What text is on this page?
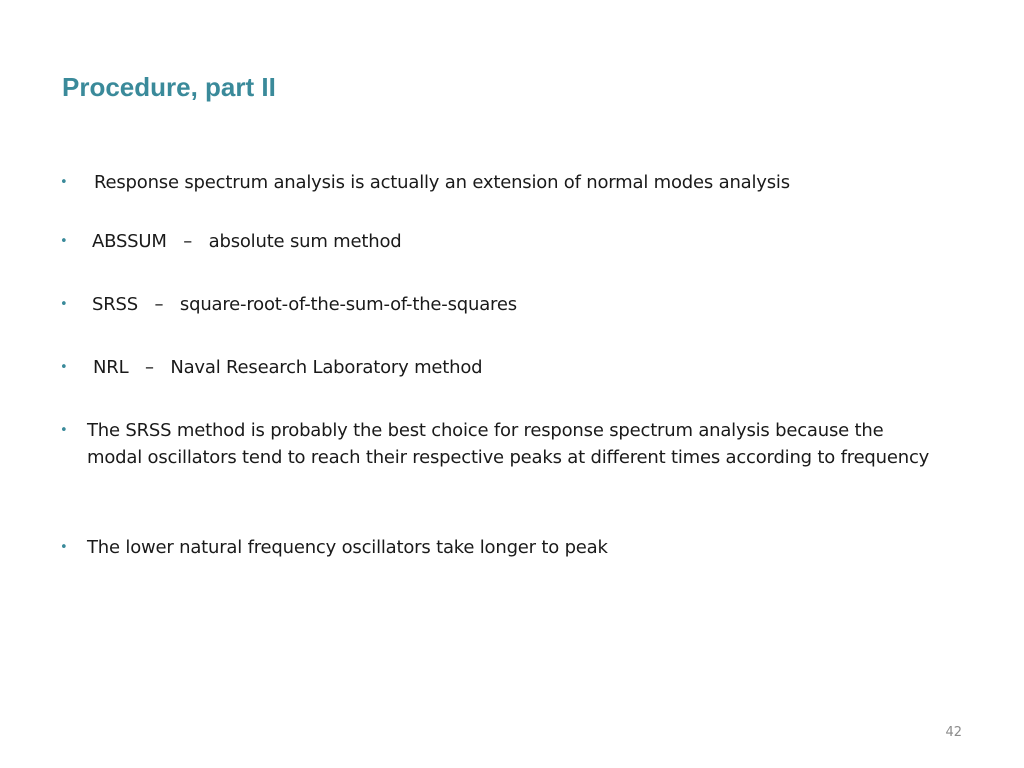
Procedure, part II
• Response spectrum analysis is actually an extension of normal modes analysis
• ABSSUM   –   absolute sum method
• SRSS   –   square-root-of-the-sum-of-the-squares
• NRL   –   Naval Research Laboratory method
• The SRSS method is probably the best choice for response spectrum analysis because the modal oscillators tend to reach their respective peaks at different times according to frequency
• The lower natural frequency oscillators take longer to peak
42
